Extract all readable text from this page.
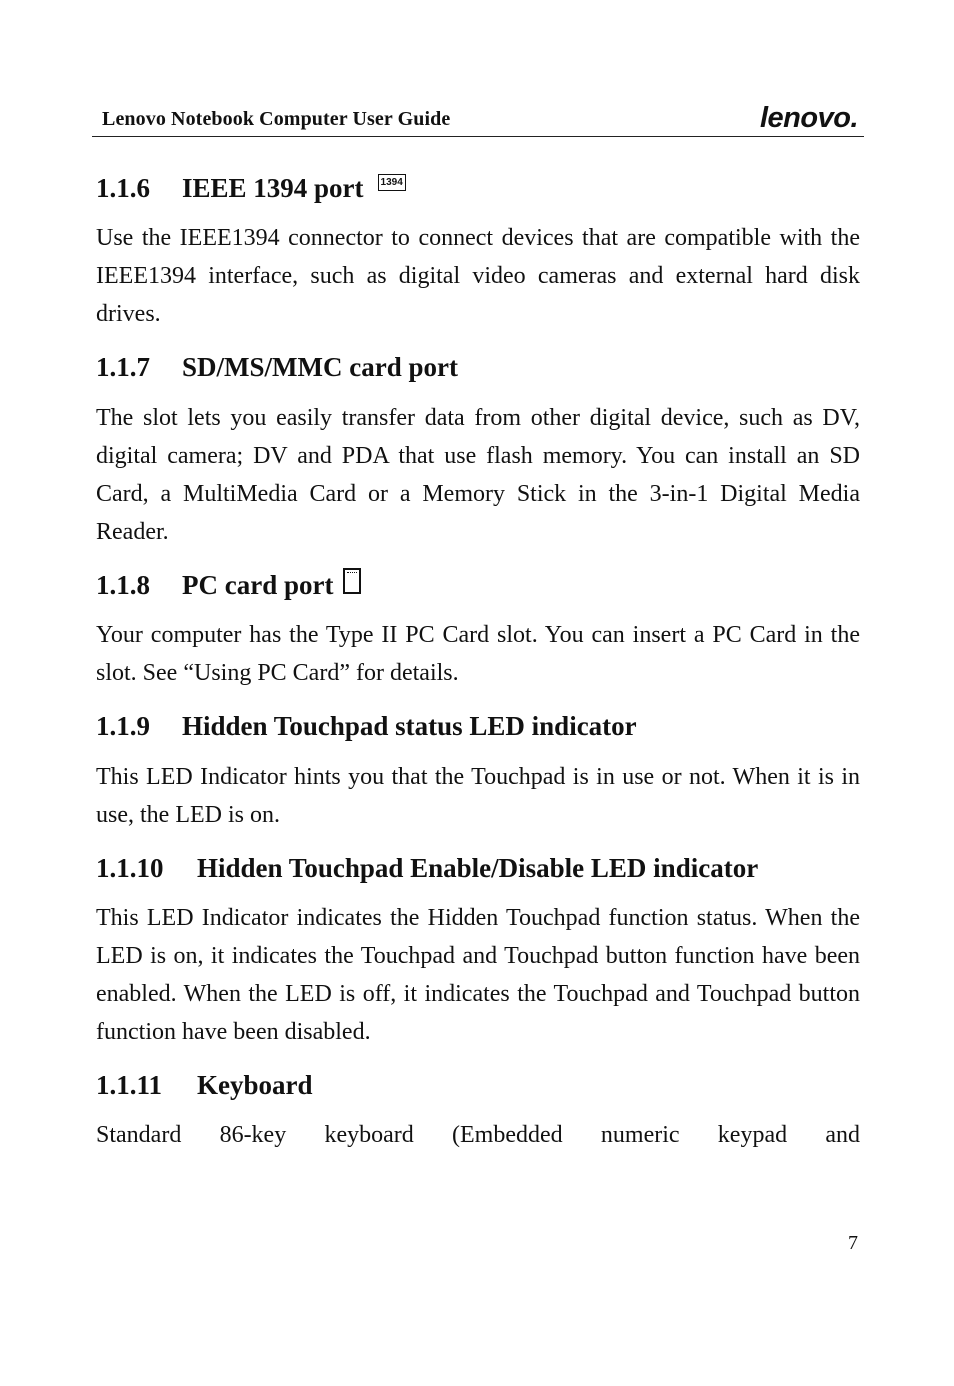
Lenovo Notebook Computer User Guide	lenovo.
1.1.6	IEEE 1394 port	1394

Use the IEEE1394 connector to connect devices that are compatible with the IEEE1394 interface, such as digital video cameras and external hard disk drives.

1.1.7	SD/MS/MMC card port

The slot lets you easily transfer data from other digital device, such as DV, digital camera; DV and PDA that use flash memory. You can install an SD Card, a MultiMedia Card or a Memory Stick in the 3-in-1 Digital Media Reader.

1.1.8	PC card port

Your computer has the Type II PC Card slot. You can insert a PC Card in the slot. See “Using PC Card” for details.

1.1.9	Hidden Touchpad status LED indicator

This LED Indicator hints you that the Touchpad is in use or not. When it is in use, the LED is on.

1.1.10	Hidden Touchpad Enable/Disable LED indicator

This LED Indicator indicates the Hidden Touchpad function status. When the LED is on, it indicates the Touchpad and Touchpad button function have been enabled. When the LED is off, it indicates the Touchpad and Touchpad button function have been disabled.

1.1.11	Keyboard

Standard 86-key keyboard (Embedded numeric keypad and

7
